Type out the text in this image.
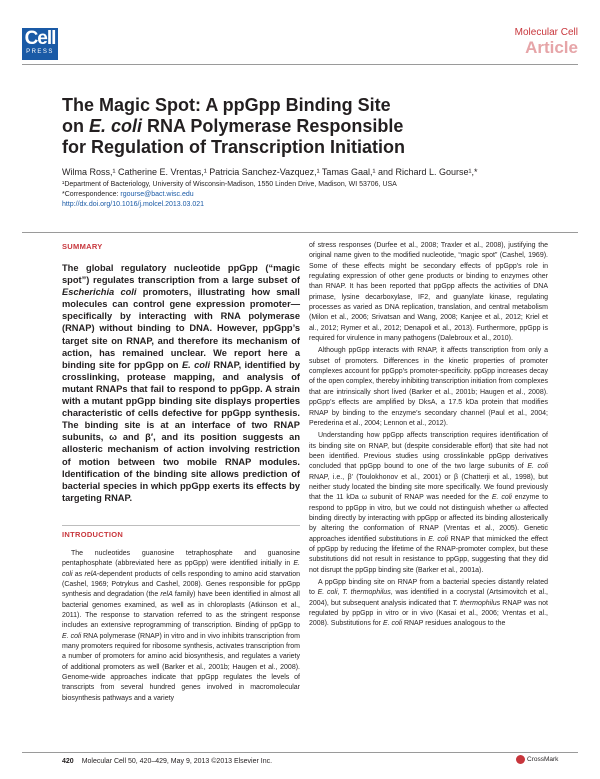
Cell
PRESS
Molecular Cell
Article
The Magic Spot: A ppGpp Binding Site
on E. coli RNA Polymerase Responsible
for Regulation of Transcription Initiation
Wilma Ross,¹ Catherine E. Vrentas,¹ Patricia Sanchez-Vazquez,¹ Tamas Gaal,¹ and Richard L. Gourse¹,*
¹Department of Bacteriology, University of Wisconsin-Madison, 1550 Linden Drive, Madison, WI 53706, USA
*Correspondence: rgourse@bact.wisc.edu
http://dx.doi.org/10.1016/j.molcel.2013.03.021
SUMMARY

The global regulatory nucleotide ppGpp (“magic spot”) regulates transcription from a large subset of Escherichia coli promoters, illustrating how small molecules can control gene expression promoter—specifically by interacting with RNA polymerase (RNAP) without binding to DNA. However, ppGpp’s target site on RNAP, and therefore its mechanism of action, has remained unclear. We report here a binding site for ppGpp on E. coli RNAP, identified by crosslinking, protease mapping, and analysis of mutant RNAPs that fail to respond to ppGpp. A strain with a mutant ppGpp binding site displays properties characteristic of cells defective for ppGpp synthesis. The binding site is at an interface of two RNAP subunits, ω and β′, and its position suggests an allosteric mechanism of action involving restriction of motion between two mobile RNAP modules. Identification of the binding site allows prediction of bacterial species in which ppGpp exerts its effects by targeting RNAP.

INTRODUCTION

The nucleotides guanosine tetraphosphate and guanosine pentaphosphate (abbreviated here as ppGpp) were identified initially in E. coli as relA-dependent products of cells responding to amino acid starvation (Cashel, 1969; Potrykus and Cashel, 2008). Genes responsible for ppGpp synthesis and degradation (the relA family) have been identified in almost all bacterial genomes examined, as well as in chloroplasts (Atkinson et al., 2011). The response to starvation referred to as the stringent response includes an extensive reprogramming of transcription. Binding of ppGpp to E. coli RNA polymerase (RNAP) in vitro and in vivo inhibits transcription from many promoters required for ribosome synthesis, activates transcription from a number of promoters for amino acid biosynthesis, and regulates a variety of additional promoters as well (Barker et al., 2001b; Haugen et al., 2008). Genome-wide approaches indicate that ppGpp regulates the levels of transcripts from several hundred genes involved in macromolecular biosynthesis pathways and a variety

of stress responses (Durfee et al., 2008; Traxler et al., 2008), justifying the original name given to the modified nucleotide, “magic spot” (Cashel, 1969). Some of these effects might be secondary effects of ppGpp’s role in regulating expression of other gene products or binding to enzymes other than RNAP. It has been reported that ppGpp affects the activities of DNA primase, lysine decarboxylase, IF2, and guanylate kinase, regulating processes as varied as DNA replication, translation, and central metabolism (Milon et al., 2006; Srivatsan and Wang, 2008; Kanjee et al., 2012; Kriel et al., 2012; Rymer et al., 2012; Denapoli et al., 2013). Furthermore, ppGpp is required for virulence in many pathogens (Dalebroux et al., 2010).

Although ppGpp interacts with RNAP, it affects transcription from only a subset of promoters. Differences in the kinetic properties of promoter complexes account for ppGpp’s promoter-specificity. ppGpp increases decay of the open complex, thereby inhibiting transcription initiation from complexes that are intrinsically short lived (Barker et al., 2001b; Haugen et al., 2008). ppGpp’s effects are amplified by DksA, a 17.5 kDa protein that modifies RNAP by binding to the enzyme’s secondary channel (Paul et al., 2004; Perederina et al., 2004; Lennon et al., 2012).

Understanding how ppGpp affects transcription requires identification of its binding site on RNAP, but (despite considerable effort) that site had not been identified. Previous studies using crosslinkable ppGpp derivatives concluded that ppGpp bound to one of the two large subunits of E. coli RNAP, i.e., β′ (Toulokhonov et al., 2001) or β (Chatterji et al., 1998), but neither study located the binding site more specifically. We found previously that the 11 kDa ω subunit of RNAP was needed for the E. coli enzyme to respond to ppGpp in vitro, but we could not distinguish whether ω affected binding directly by interacting with ppGpp or affected its binding allosterically by altering the conformation of RNAP (Vrentas et al., 2005). Genetic approaches identified substitutions in E. coli RNAP that mimicked the effect of ppGpp by reducing the lifetime of the RNAP-promoter complex, but these substitutions did not result in resistance to ppGpp, suggesting that they did not disrupt the ppGpp binding site (Barker et al., 2001a).

A ppGpp binding site on RNAP from a bacterial species distantly related to E. coli, T. thermophilus, was identified in a cocrystal (Artsimovitch et al., 2004), but subsequent analysis indicated that T. thermophilus RNAP was not regulated by ppGpp in vitro or in vivo (Kasai et al., 2006; Vrentas et al., 2008). Substitutions for E. coli RNAP residues analogous to the

420 Molecular Cell 50, 420–429, May 9, 2013 ©2013 Elsevier Inc.	CrossMark
